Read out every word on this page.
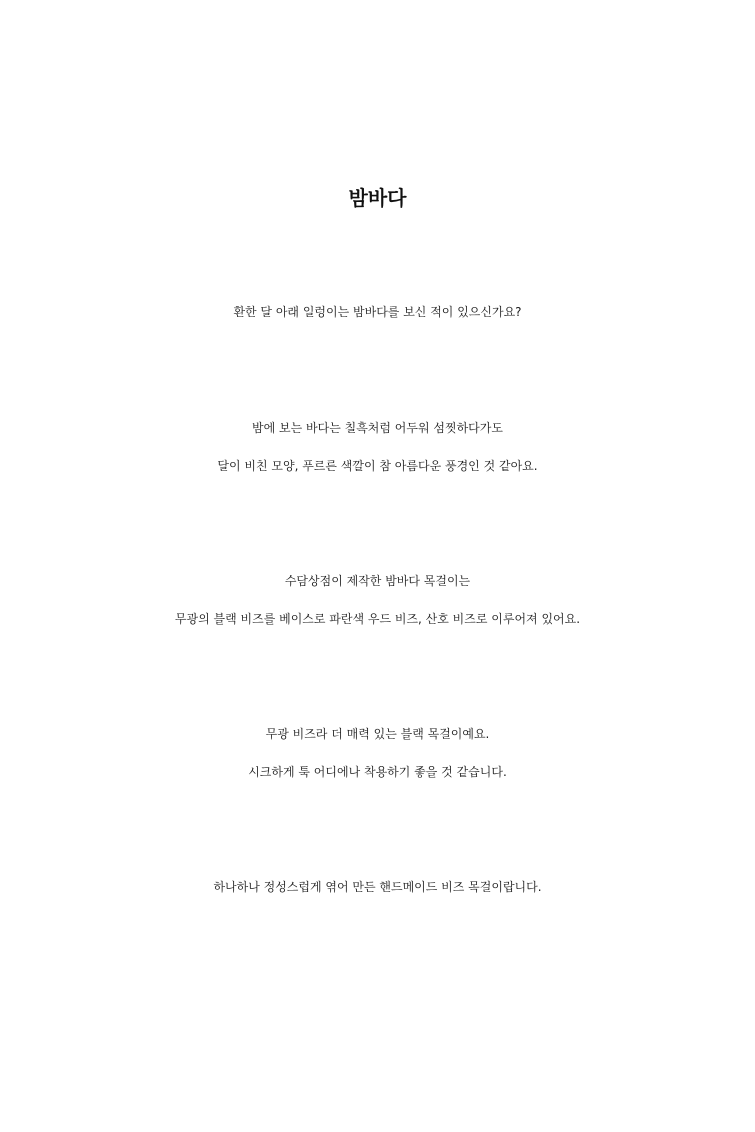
밤바다
환한 달 아래 일렁이는 밤바다를 보신 적이 있으신가요?
밤에 보는 바다는 칠흑처럼 어두워 섬찟하다가도
달이 비친 모양, 푸르른 색깔이 참 아름다운 풍경인 것 같아요.
수담상점이 제작한 밤바다 목걸이는
무광의 블랙 비즈를 베이스로 파란색 우드 비즈, 산호 비즈로 이루어져 있어요.
무광 비즈라 더 매력 있는 블랙 목걸이예요.
시크하게 툭 어디에나 착용하기 좋을 것 같습니다.
하나하나 정성스럽게 엮어 만든 핸드메이드 비즈 목걸이랍니다.
